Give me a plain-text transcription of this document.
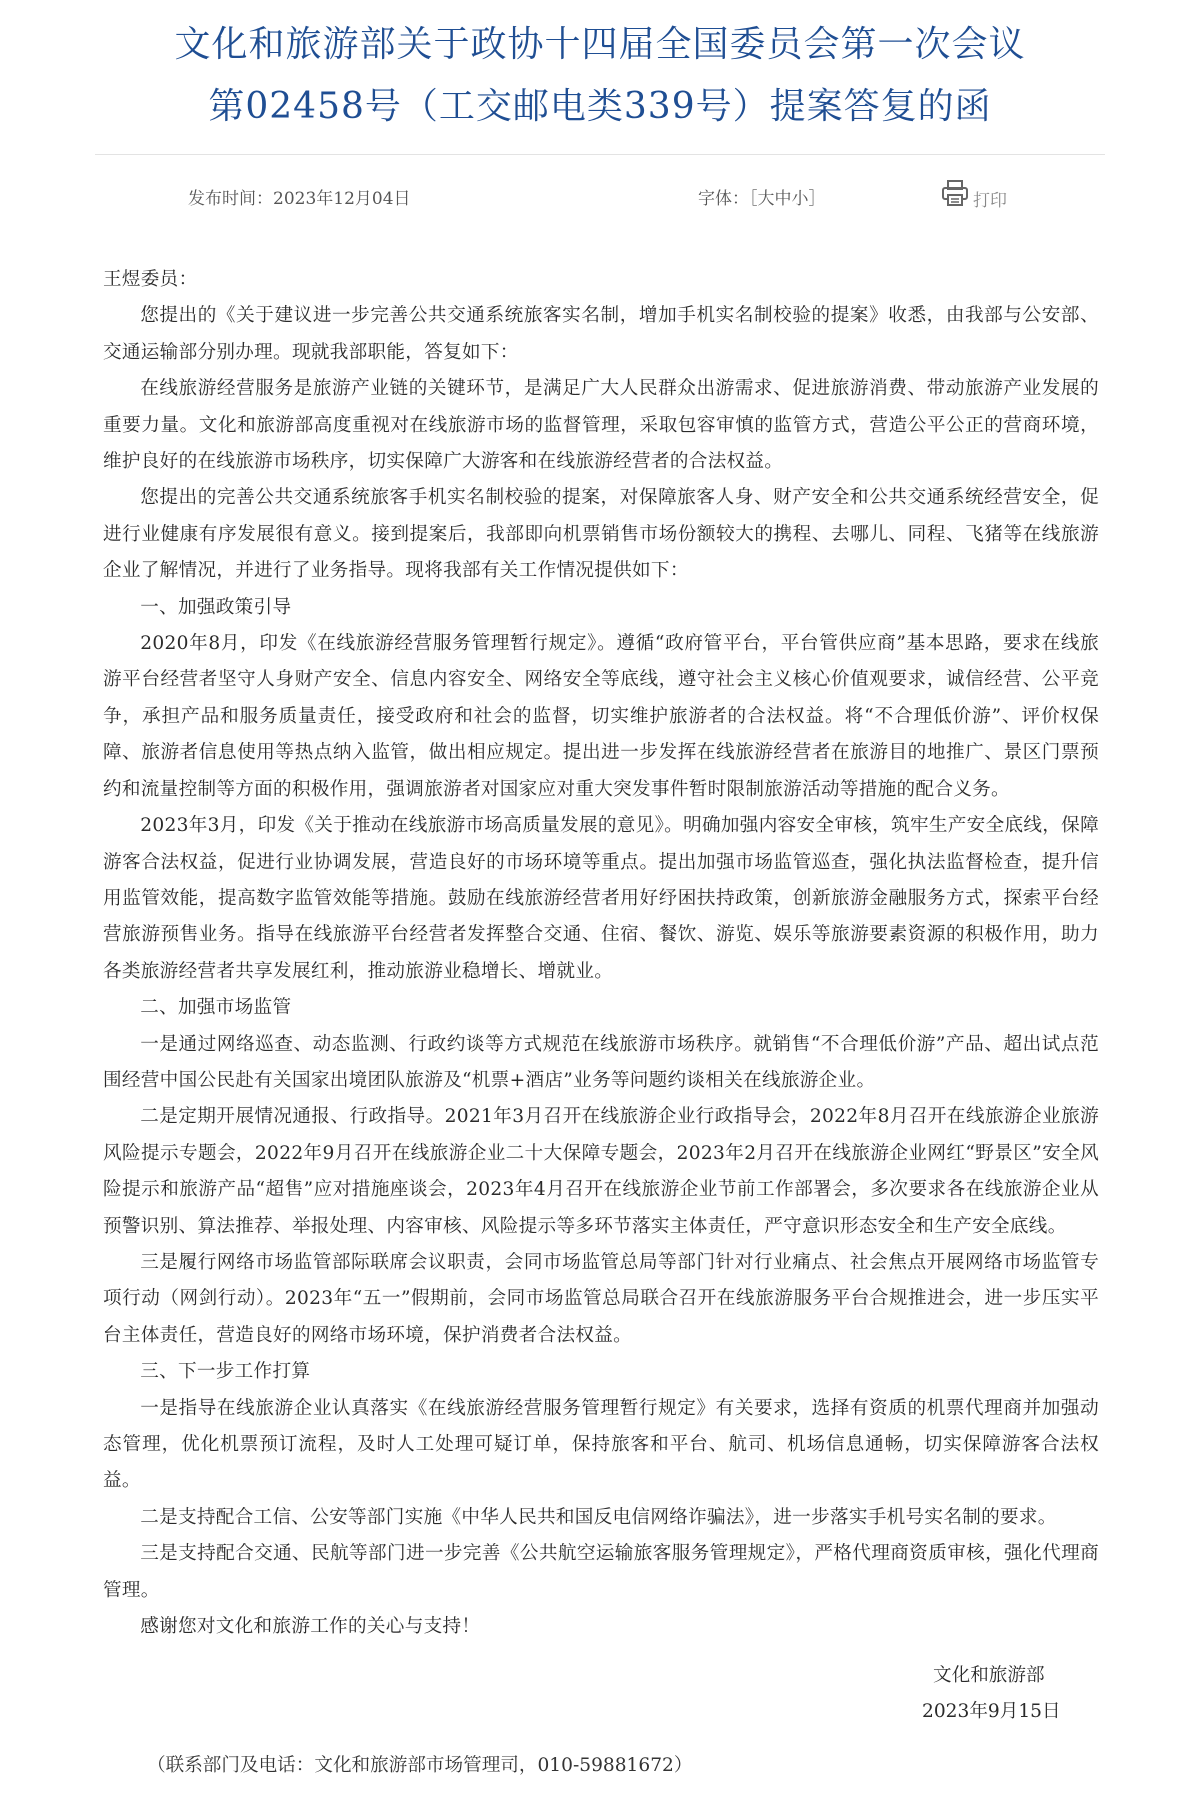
文化和旅游部关于政协十四届全国委员会第一次会议
第02458号（工交邮电类339号）提案答复的函
发布时间：2023年12月04日	字体：［大中小］	打印

王煜委员：

您提出的《关于建议进一步完善公共交通系统旅客实名制，增加手机实名制校验的提案》收悉，由我部与公安部、交通运输部分别办理。现就我部职能，答复如下：

在线旅游经营服务是旅游产业链的关键环节，是满足广大人民群众出游需求、促进旅游消费、带动旅游产业发展的重要力量。文化和旅游部高度重视对在线旅游市场的监督管理，采取包容审慎的监管方式，营造公平公正的营商环境，维护良好的在线旅游市场秩序，切实保障广大游客和在线旅游经营者的合法权益。

您提出的完善公共交通系统旅客手机实名制校验的提案，对保障旅客人身、财产安全和公共交通系统经营安全，促进行业健康有序发展很有意义。接到提案后，我部即向机票销售市场份额较大的携程、去哪儿、同程、飞猪等在线旅游企业了解情况，并进行了业务指导。现将我部有关工作情况提供如下：

一、加强政策引导

2020年8月，印发《在线旅游经营服务管理暂行规定》。遵循“政府管平台，平台管供应商”基本思路，要求在线旅游平台经营者坚守人身财产安全、信息内容安全、网络安全等底线，遵守社会主义核心价值观要求，诚信经营、公平竞争，承担产品和服务质量责任，接受政府和社会的监督，切实维护旅游者的合法权益。将“不合理低价游”、评价权保障、旅游者信息使用等热点纳入监管，做出相应规定。提出进一步发挥在线旅游经营者在旅游目的地推广、景区门票预约和流量控制等方面的积极作用，强调旅游者对国家应对重大突发事件暂时限制旅游活动等措施的配合义务。

2023年3月，印发《关于推动在线旅游市场高质量发展的意见》。明确加强内容安全审核，筑牢生产安全底线，保障游客合法权益，促进行业协调发展，营造良好的市场环境等重点。提出加强市场监管巡查，强化执法监督检查，提升信用监管效能，提高数字监管效能等措施。鼓励在线旅游经营者用好纾困扶持政策，创新旅游金融服务方式，探索平台经营旅游预售业务。指导在线旅游平台经营者发挥整合交通、住宿、餐饮、游览、娱乐等旅游要素资源的积极作用，助力各类旅游经营者共享发展红利，推动旅游业稳增长、增就业。

二、加强市场监管

一是通过网络巡查、动态监测、行政约谈等方式规范在线旅游市场秩序。就销售“不合理低价游”产品、超出试点范围经营中国公民赴有关国家出境团队旅游及“机票+酒店”业务等问题约谈相关在线旅游企业。

二是定期开展情况通报、行政指导。2021年3月召开在线旅游企业行政指导会，2022年8月召开在线旅游企业旅游风险提示专题会，2022年9月召开在线旅游企业二十大保障专题会，2023年2月召开在线旅游企业网红“野景区”安全风险提示和旅游产品“超售”应对措施座谈会，2023年4月召开在线旅游企业节前工作部署会，多次要求各在线旅游企业从预警识别、算法推荐、举报处理、内容审核、风险提示等多环节落实主体责任，严守意识形态安全和生产安全底线。

三是履行网络市场监管部际联席会议职责，会同市场监管总局等部门针对行业痛点、社会焦点开展网络市场监管专项行动（网剑行动）。2023年“五一”假期前，会同市场监管总局联合召开在线旅游服务平台合规推进会，进一步压实平台主体责任，营造良好的网络市场环境，保护消费者合法权益。

三、下一步工作打算

一是指导在线旅游企业认真落实《在线旅游经营服务管理暂行规定》有关要求，选择有资质的机票代理商并加强动态管理，优化机票预订流程，及时人工处理可疑订单，保持旅客和平台、航司、机场信息通畅，切实保障游客合法权益。

二是支持配合工信、公安等部门实施《中华人民共和国反电信网络诈骗法》，进一步落实手机号实名制的要求。

三是支持配合交通、民航等部门进一步完善《公共航空运输旅客服务管理规定》，严格代理商资质审核，强化代理商管理。

感谢您对文化和旅游工作的关心与支持！

文化和旅游部
2023年9月15日
（联系部门及电话：文化和旅游部市场管理司，010-59881672）
